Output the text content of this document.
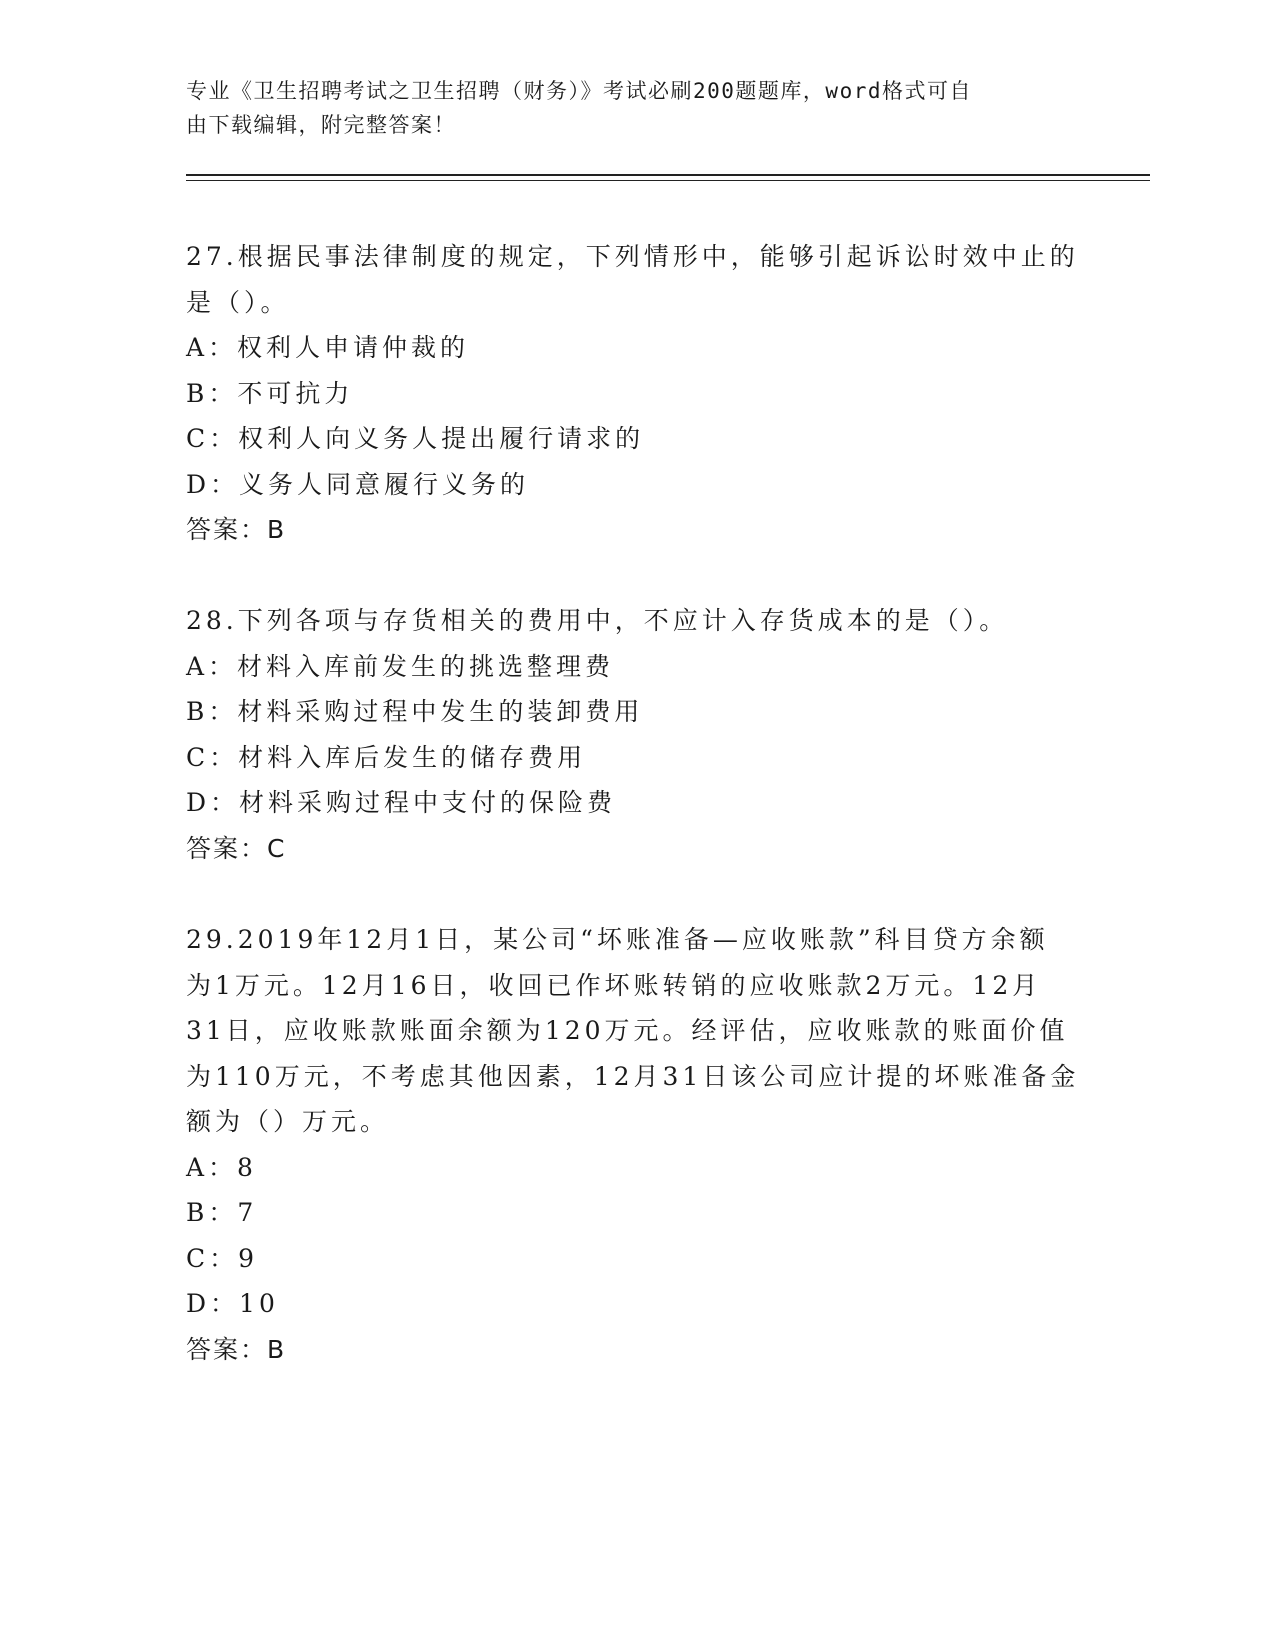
专业《卫生招聘考试之卫生招聘（财务）》考试必刷200题题库，word格式可自
由下载编辑，附完整答案！

27.根据民事法律制度的规定，下列情形中，能够引起诉讼时效中止的

是（）。

A：权利人申请仲裁的

B：不可抗力

C：权利人向义务人提出履行请求的

D：义务人同意履行义务的

答案：B

28.下列各项与存货相关的费用中，不应计入存货成本的是（）。

A：材料入库前发生的挑选整理费

B：材料采购过程中发生的装卸费用

C：材料入库后发生的储存费用

D：材料采购过程中支付的保险费

答案：C

29.2019年12月1日，某公司“坏账准备—应收账款”科目贷方余额

为1万元。12月16日，收回已作坏账转销的应收账款2万元。12月

31日，应收账款账面余额为120万元。经评估，应收账款的账面价值

为110万元，不考虑其他因素，12月31日该公司应计提的坏账准备金

额为（）万元。

A：8

B：7

C：9

D：10

答案：B
